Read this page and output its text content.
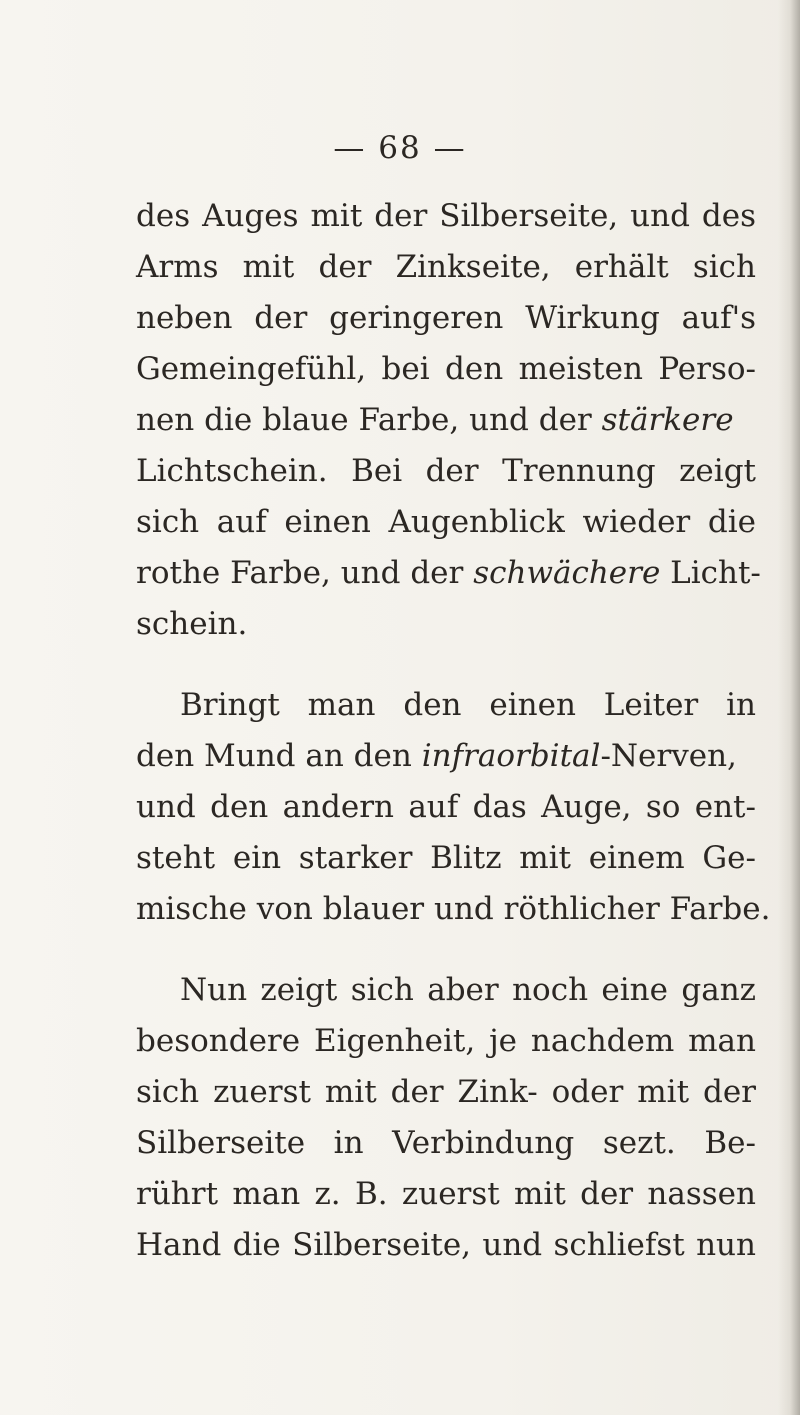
— 68 —
des Auges mit der Silberseite, und des
Arms mit der Zinkseite, erhält sich
neben der geringeren Wirkung auf's
Gemeingefühl, bei den meisten Perso-
nen die blaue Farbe, und der stärkere
Lichtschein. Bei der Trennung zeigt
sich auf einen Augenblick wieder die
rothe Farbe, und der schwächere Licht-
schein.
Bringt man den einen Leiter in
den Mund an den infraorbital-Nerven,
und den andern auf das Auge, so ent-
steht ein starker Blitz mit einem Ge-
mische von blauer und röthlicher Farbe.
Nun zeigt sich aber noch eine ganz
besondere Eigenheit, je nachdem man
sich zuerst mit der Zink- oder mit der
Silberseite in Verbindung sezt. Be-
rührt man z. B. zuerst mit der nassen
Hand die Silberseite, und schliefst nun
